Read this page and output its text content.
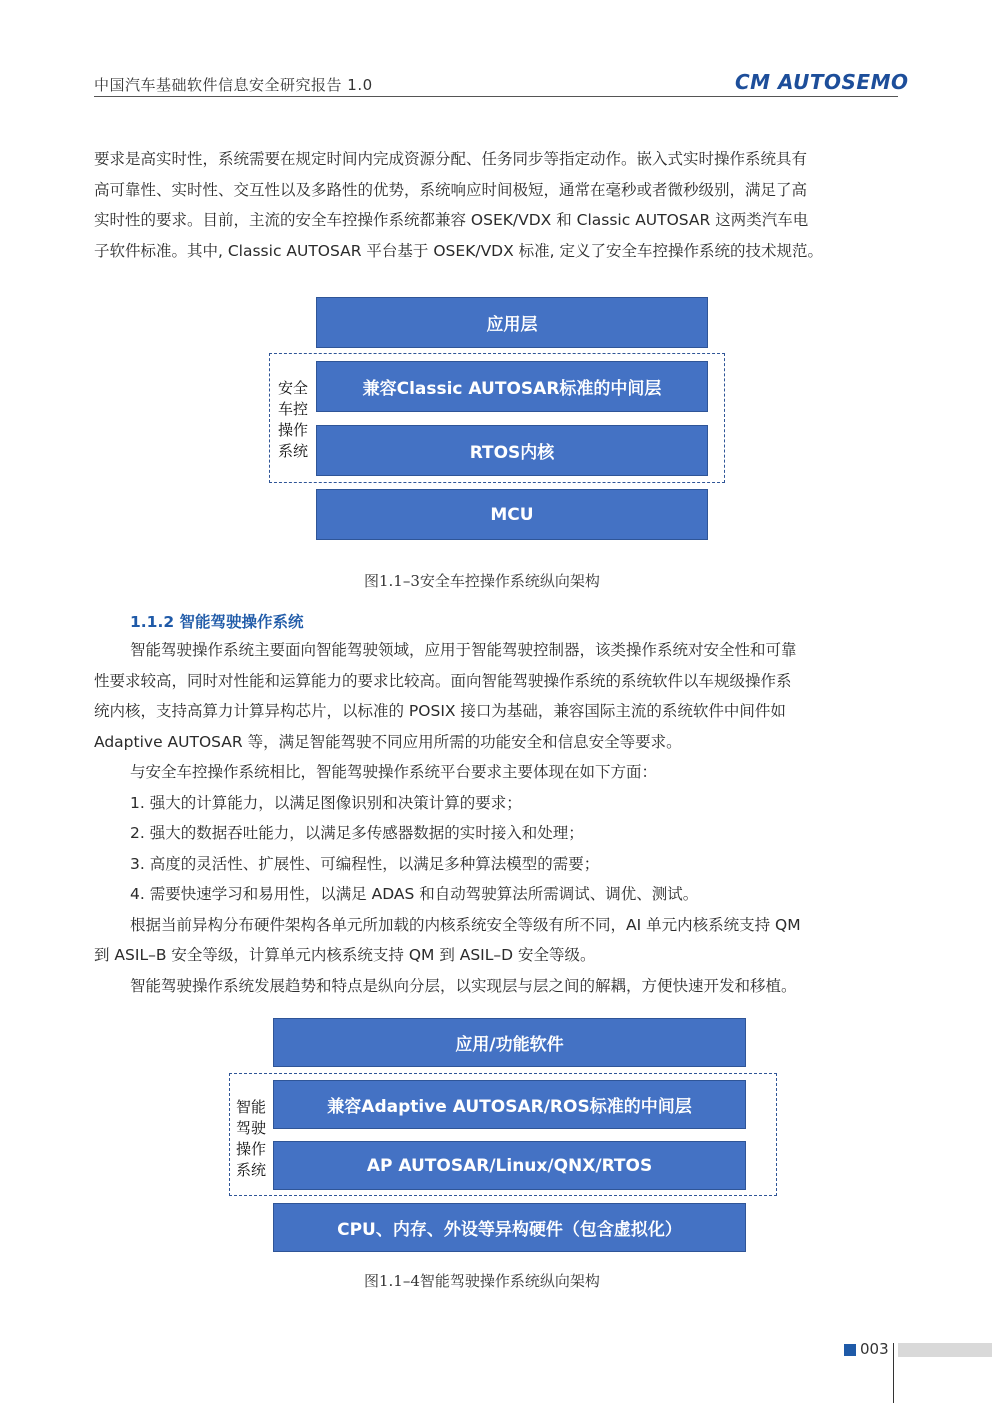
中国汽车基础软件信息安全研究报告 1.0	CM AUTOSEMO
要求是高实时性，系统需要在规定时间内完成资源分配、任务同步等指定动作。嵌入式实时操作系统具有
高可靠性、实时性、交互性以及多路性的优势，系统响应时间极短，通常在毫秒或者微秒级别，满足了高
实时性的要求。目前，主流的安全车控操作系统都兼容 OSEK/VDX 和 Classic AUTOSAR 这两类汽车电
子软件标准。其中, Classic AUTOSAR 平台基于 OSEK/VDX 标准, 定义了安全车控操作系统的技术规范。
安全车控操作系统
应用层
兼容Classic AUTOSAR标准的中间层
RTOS内核
MCU
图1.1–3安全车控操作系统纵向架构
1.1.2 智能驾驶操作系统
智能驾驶操作系统主要面向智能驾驶领域，应用于智能驾驶控制器，该类操作系统对安全性和可靠
性要求较高，同时对性能和运算能力的要求比较高。面向智能驾驶操作系统的系统软件以车规级操作系
统内核，支持高算力计算异构芯片，以标准的 POSIX 接口为基础，兼容国际主流的系统软件中间件如
Adaptive AUTOSAR 等，满足智能驾驶不同应用所需的功能安全和信息安全等要求。
与安全车控操作系统相比，智能驾驶操作系统平台要求主要体现在如下方面：
1. 强大的计算能力，以满足图像识别和决策计算的要求；
2. 强大的数据吞吐能力，以满足多传感器数据的实时接入和处理；
3. 高度的灵活性、扩展性、可编程性，以满足多种算法模型的需要；
4. 需要快速学习和易用性，以满足 ADAS 和自动驾驶算法所需调试、调优、测试。
根据当前异构分布硬件架构各单元所加载的内核系统安全等级有所不同，AI 单元内核系统支持 QM
到 ASIL–B 安全等级，计算单元内核系统支持 QM 到 ASIL–D 安全等级。
智能驾驶操作系统发展趋势和特点是纵向分层，以实现层与层之间的解耦，方便快速开发和移植。
智能驾驶操作系统
应用/功能软件
兼容Adaptive AUTOSAR/ROS标准的中间层
AP AUTOSAR/Linux/QNX/RTOS
CPU、内存、外设等异构硬件（包含虚拟化）
图1.1–4智能驾驶操作系统纵向架构
003
